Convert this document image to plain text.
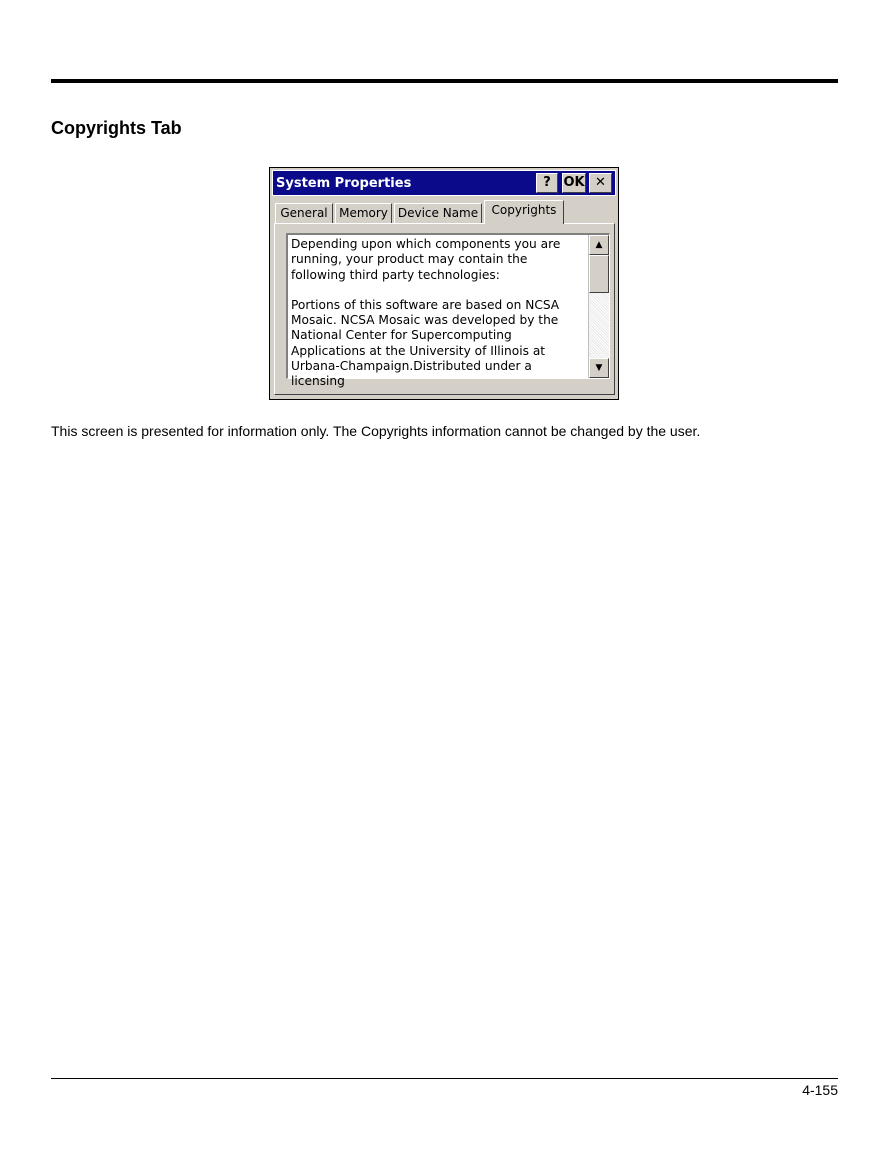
Copyrights Tab
System Properties	? OK ✕
General Memory Device Name	Copyrights

Depending upon which components you are running, your product may contain the following third party technologies:

Portions of this software are based on NCSA Mosaic. NCSA Mosaic was developed by the National Center for Supercomputing Applications at the University of Illinois at Urbana-Champaign.Distributed under a licensing

▲
▼

This screen is presented for information only. The Copyrights information cannot be changed by the user.

4-155
